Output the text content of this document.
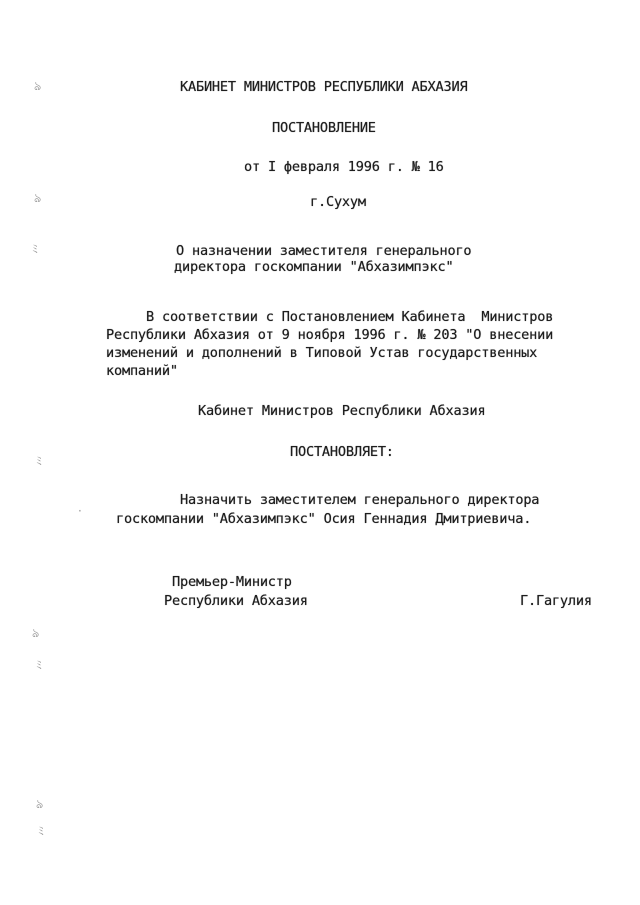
ঌ
ঌ
ﾐ
ﾐ
ঌ
ﾐ
ঌ
ﾐ
·
КАБИНЕТ МИНИСТРОВ РЕСПУБЛИКИ АБХАЗИЯ
ПОСТАНОВЛЕНИЕ
от I февраля 1996 г. № 16
г.Сухум
О назначении заместителя генерального
директора госкомпании "Абхазимпэкс"
В соответствии с Постановлением Кабинета  Министров
Республики Абхазия от 9 ноября 1996 г. № 203 "О внесении
изменений и дополнений в Типовой Устав государственных
компаний"
Кабинет Министров Республики Абхазия
ПОСТАНОВЛЯЕТ:
Назначить заместителем генерального директора
госкомпании "Абхазимпэкс" Осия Геннадия Дмитриевича.
Премьер-Министр
Республики Абхазия	Г.Гагулия
